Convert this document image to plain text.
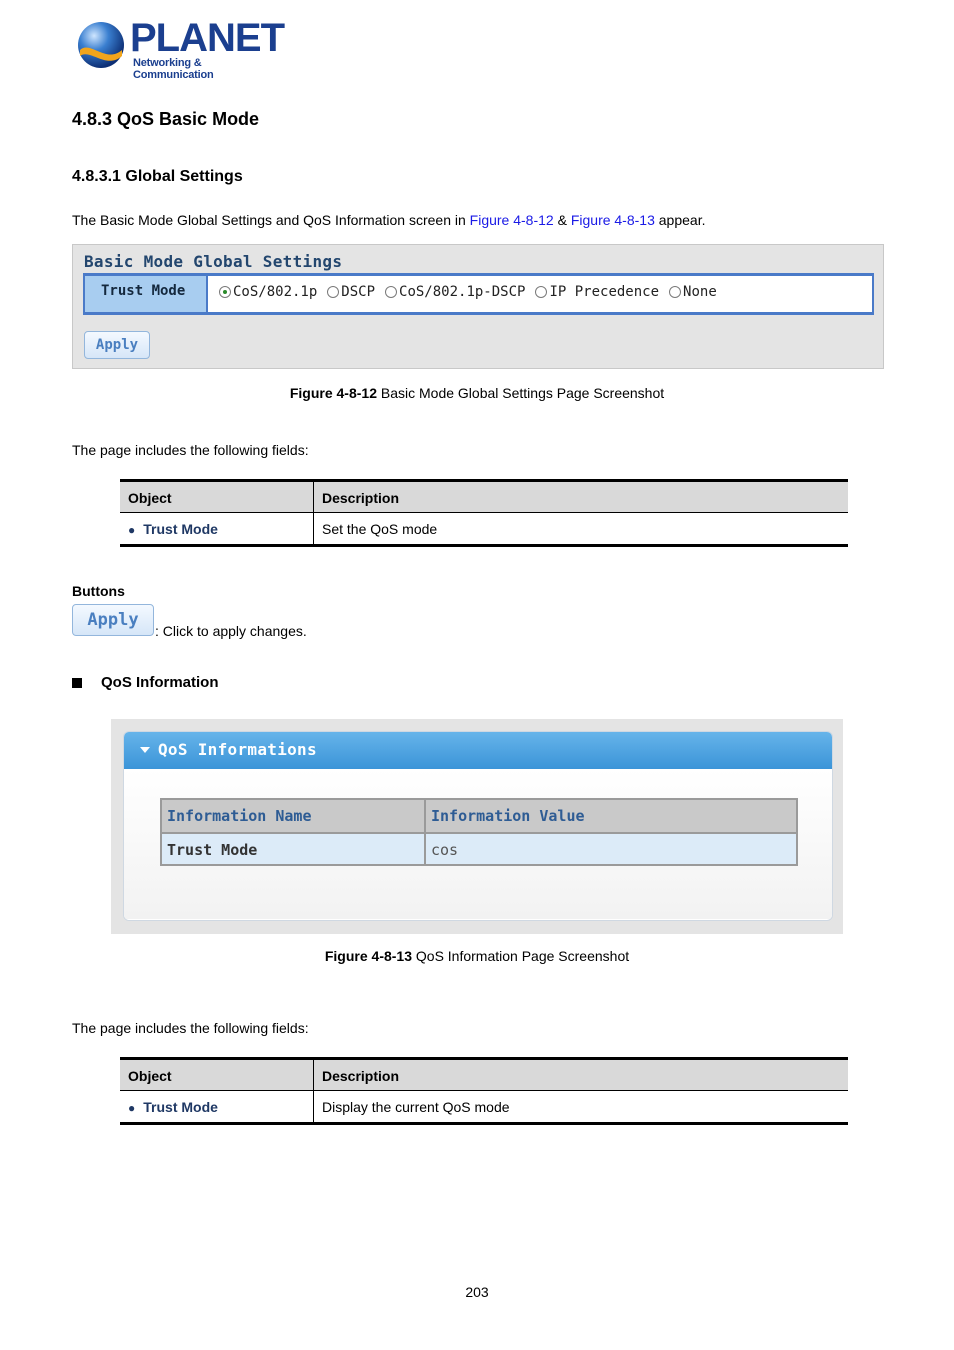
PLANET
Networking & Communication
4.8.3 QoS Basic Mode
4.8.3.1 Global Settings
The Basic Mode Global Settings and QoS Information screen in Figure 4-8-12 & Figure 4-8-13 appear.
Basic Mode Global Settings
Trust Mode	CoS/802.1p DSCP CoS/802.1p-DSCP IP Precedence None
Apply
Figure 4-8-12 Basic Mode Global Settings Page Screenshot
The page includes the following fields:
Object	Description
● Trust Mode	Set the QoS mode
Buttons
Apply
: Click to apply changes.
QoS Information
QoS Informations
Information Name	Information Value
Trust Mode	cos
Figure 4-8-13 QoS Information Page Screenshot
The page includes the following fields:
Object	Description
● Trust Mode	Display the current QoS mode
203
